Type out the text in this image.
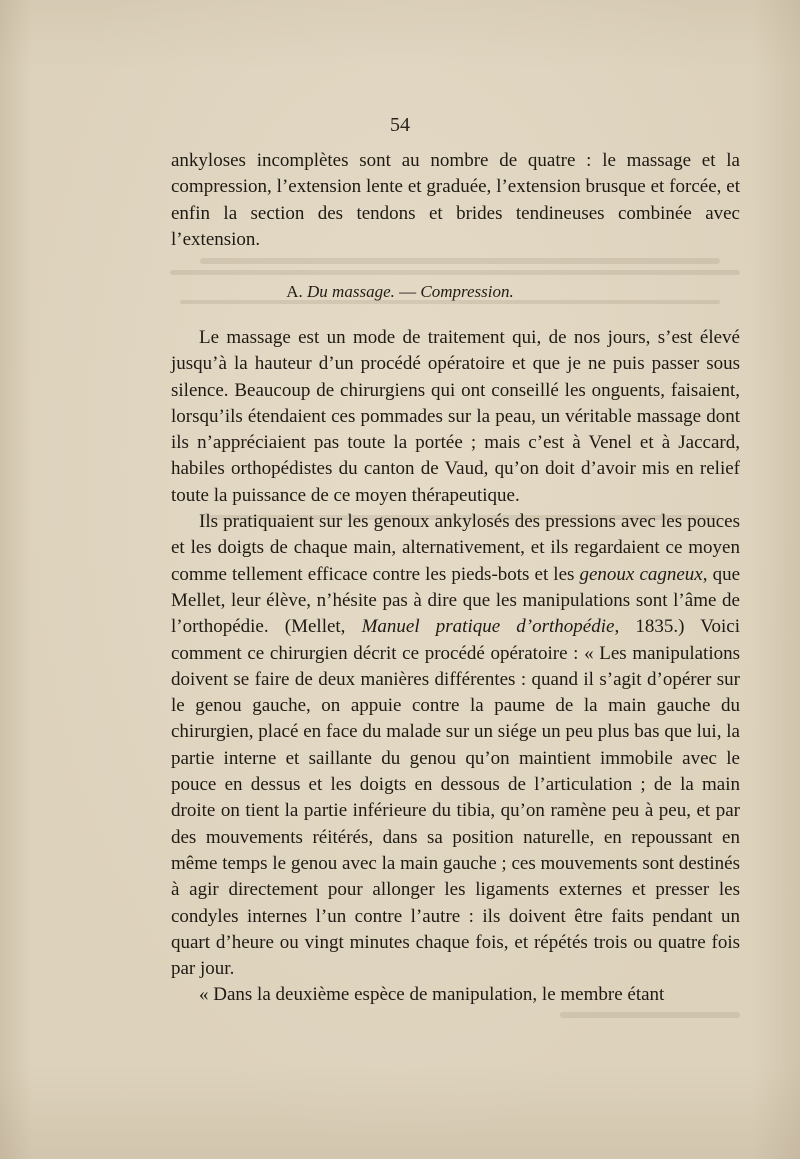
54

ankyloses incomplètes sont au nombre de quatre : le massage et la compression, l’extension lente et graduée, l’extension brusque et forcée, et enfin la section des tendons et brides tendineuses combinée avec l’extension.

A. Du massage. — Compression.

Le massage est un mode de traitement qui, de nos jours, s’est élevé jusqu’à la hauteur d’un procédé opératoire et que je ne puis passer sous silence. Beaucoup de chirurgiens qui ont conseillé les onguents, faisaient, lorsqu’ils étendaient ces pommades sur la peau, un véritable massage dont ils n’appréciaient pas toute la portée ; mais c’est à Venel et à Jaccard, habiles orthopédistes du canton de Vaud, qu’on doit d’avoir mis en relief toute la puissance de ce moyen thérapeutique.

Ils pratiquaient sur les genoux ankylosés des pressions avec les pouces et les doigts de chaque main, alternativement, et ils regardaient ce moyen comme tellement efficace contre les pieds-bots et les genoux cagneux, que Mellet, leur élève, n’hésite pas à dire que les manipulations sont l’âme de l’orthopédie. (Mellet, Manuel pratique d’orthopédie, 1835.) Voici comment ce chirurgien décrit ce procédé opératoire : « Les manipulations doivent se faire de deux manières différentes : quand il s’agit d’opérer sur le genou gauche, on appuie contre la paume de la main gauche du chirurgien, placé en face du malade sur un siége un peu plus bas que lui, la partie interne et saillante du genou qu’on maintient immobile avec le pouce en dessus et les doigts en dessous de l’articulation ; de la main droite on tient la partie inférieure du tibia, qu’on ramène peu à peu, et par des mouvements réitérés, dans sa position naturelle, en repoussant en même temps le genou avec la main gauche ; ces mouvements sont destinés à agir directement pour allonger les ligaments externes et presser les condyles internes l’un contre l’autre : ils doivent être faits pendant un quart d’heure ou vingt minutes chaque fois, et répétés trois ou quatre fois par jour.

« Dans la deuxième espèce de manipulation, le membre étant
